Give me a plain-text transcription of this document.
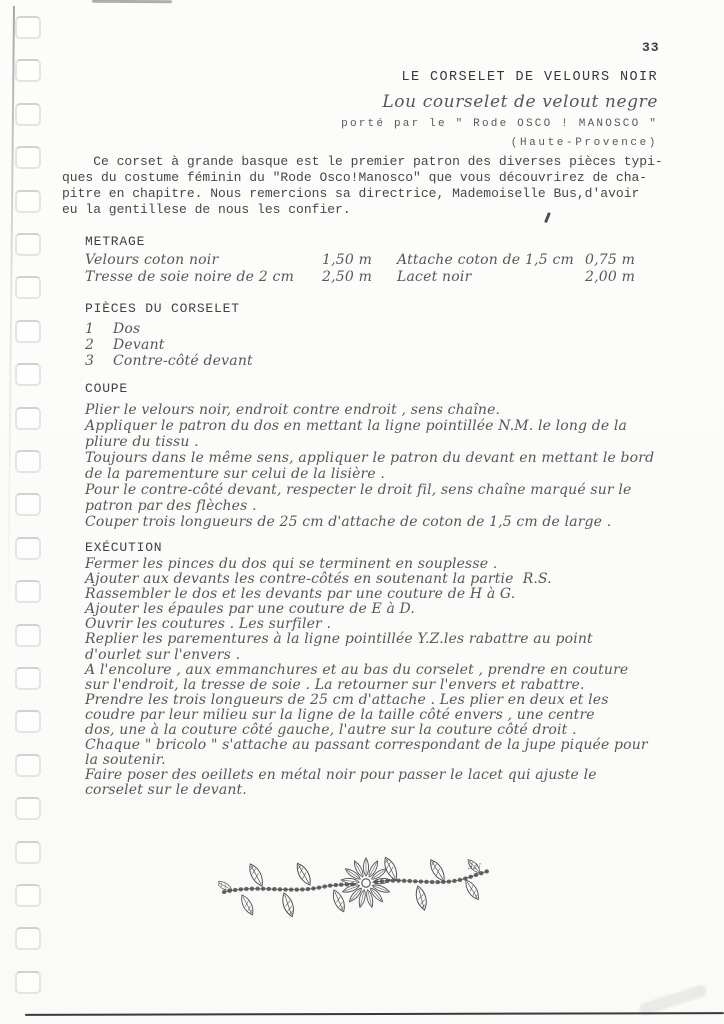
33
LE CORSELET DE VELOURS NOIR
Lou courselet de velout negre
porté par le " Rode OSCO ! MANOSCO "
(Haute-Provence)
Ce corset à grande basque est le premier patron des diverses pièces typi-
ques du costume féminin du "Rode Osco!Manosco" que vous découvrirez de cha-
pitre en chapitre. Nous remercions sa directrice, Mademoiselle Bus,d'avoir
eu la gentillese de nous les confier.
METRAGE
Velours coton noir	1,50 m	Attache coton de 1,5 cm 0,75 m
Tresse de soie noire de 2 cm	2,50 m	Lacet noir	2,00 m
PIÈCES DU CORSELET
1	Dos
2	Devant
3	Contre-côté devant
COUPE
Plier le velours noir, endroit contre endroit , sens chaîne.
Appliquer le patron du dos en mettant la ligne pointillée N.M. le long de la
pliure du tissu .
Toujours dans le même sens, appliquer le patron du devant en mettant le bord
de la parementure sur celui de la lisière .
Pour le contre-côté devant, respecter le droit fil, sens chaîne marqué sur le
patron par des flèches .
Couper trois longueurs de 25 cm d'attache de coton de 1,5 cm de large .
EXÉCUTION
Fermer les pinces du dos qui se terminent en souplesse .
Ajouter aux devants les contre-côtés en soutenant la partie  R.S.
Rassembler le dos et les devants par une couture de H à G.
Ajouter les épaules par une couture de E à D.
Ouvrir les coutures . Les surfiler .
Replier les parementures à la ligne pointillée Y.Z.les rabattre au point
d'ourlet sur l'envers .
A l'encolure , aux emmanchures et au bas du corselet , prendre en couture
sur l'endroit, la tresse de soie . La retourner sur l'envers et rabattre.
Prendre les trois longueurs de 25 cm d'attache . Les plier en deux et les
coudre par leur milieu sur la ligne de la taille côté envers , une centre
dos, une à la couture côté gauche, l'autre sur la couture côté droit .
Chaque " bricolo " s'attache au passant correspondant de la jupe piquée pour
la soutenir.
Faire poser des oeillets en métal noir pour passer le lacet qui ajuste le
corselet sur le devant.
S.N
